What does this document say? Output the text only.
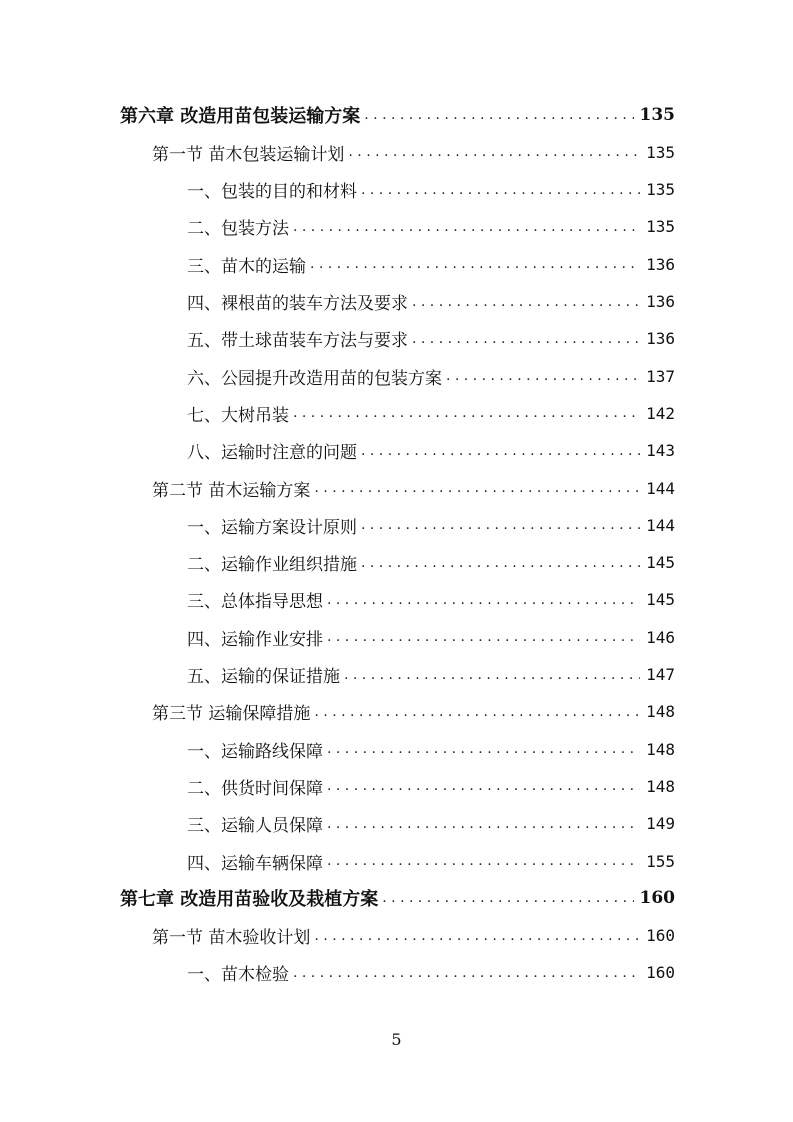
第六章 改造用苗包装运输方案 . . .	135
第一节 苗木包装运输计划 . . .	135
一、包装的目的和材料 . . .	135
二、包装方法 . . .	135
三、苗木的运输 . . .	136
四、裸根苗的装车方法及要求 . . .	136
五、带土球苗装车方法与要求 . . .	136
六、公园提升改造用苗的包装方案 . . .	137
七、大树吊装 . . .	142
八、运输时注意的问题 . . .	143
第二节 苗木运输方案 . . .	144
一、运输方案设计原则 . . .	144
二、运输作业组织措施 . . .	145
三、总体指导思想 . . .	145
四、运输作业安排 . . .	146
五、运输的保证措施 . . .	147
第三节 运输保障措施 . . .	148
一、运输路线保障 . . .	148
二、供货时间保障 . . .	148
三、运输人员保障 . . .	149
四、运输车辆保障 . . .	155
第七章 改造用苗验收及栽植方案 . . .	160
第一节 苗木验收计划 . . .	160
一、苗木检验 . . .	160
5
